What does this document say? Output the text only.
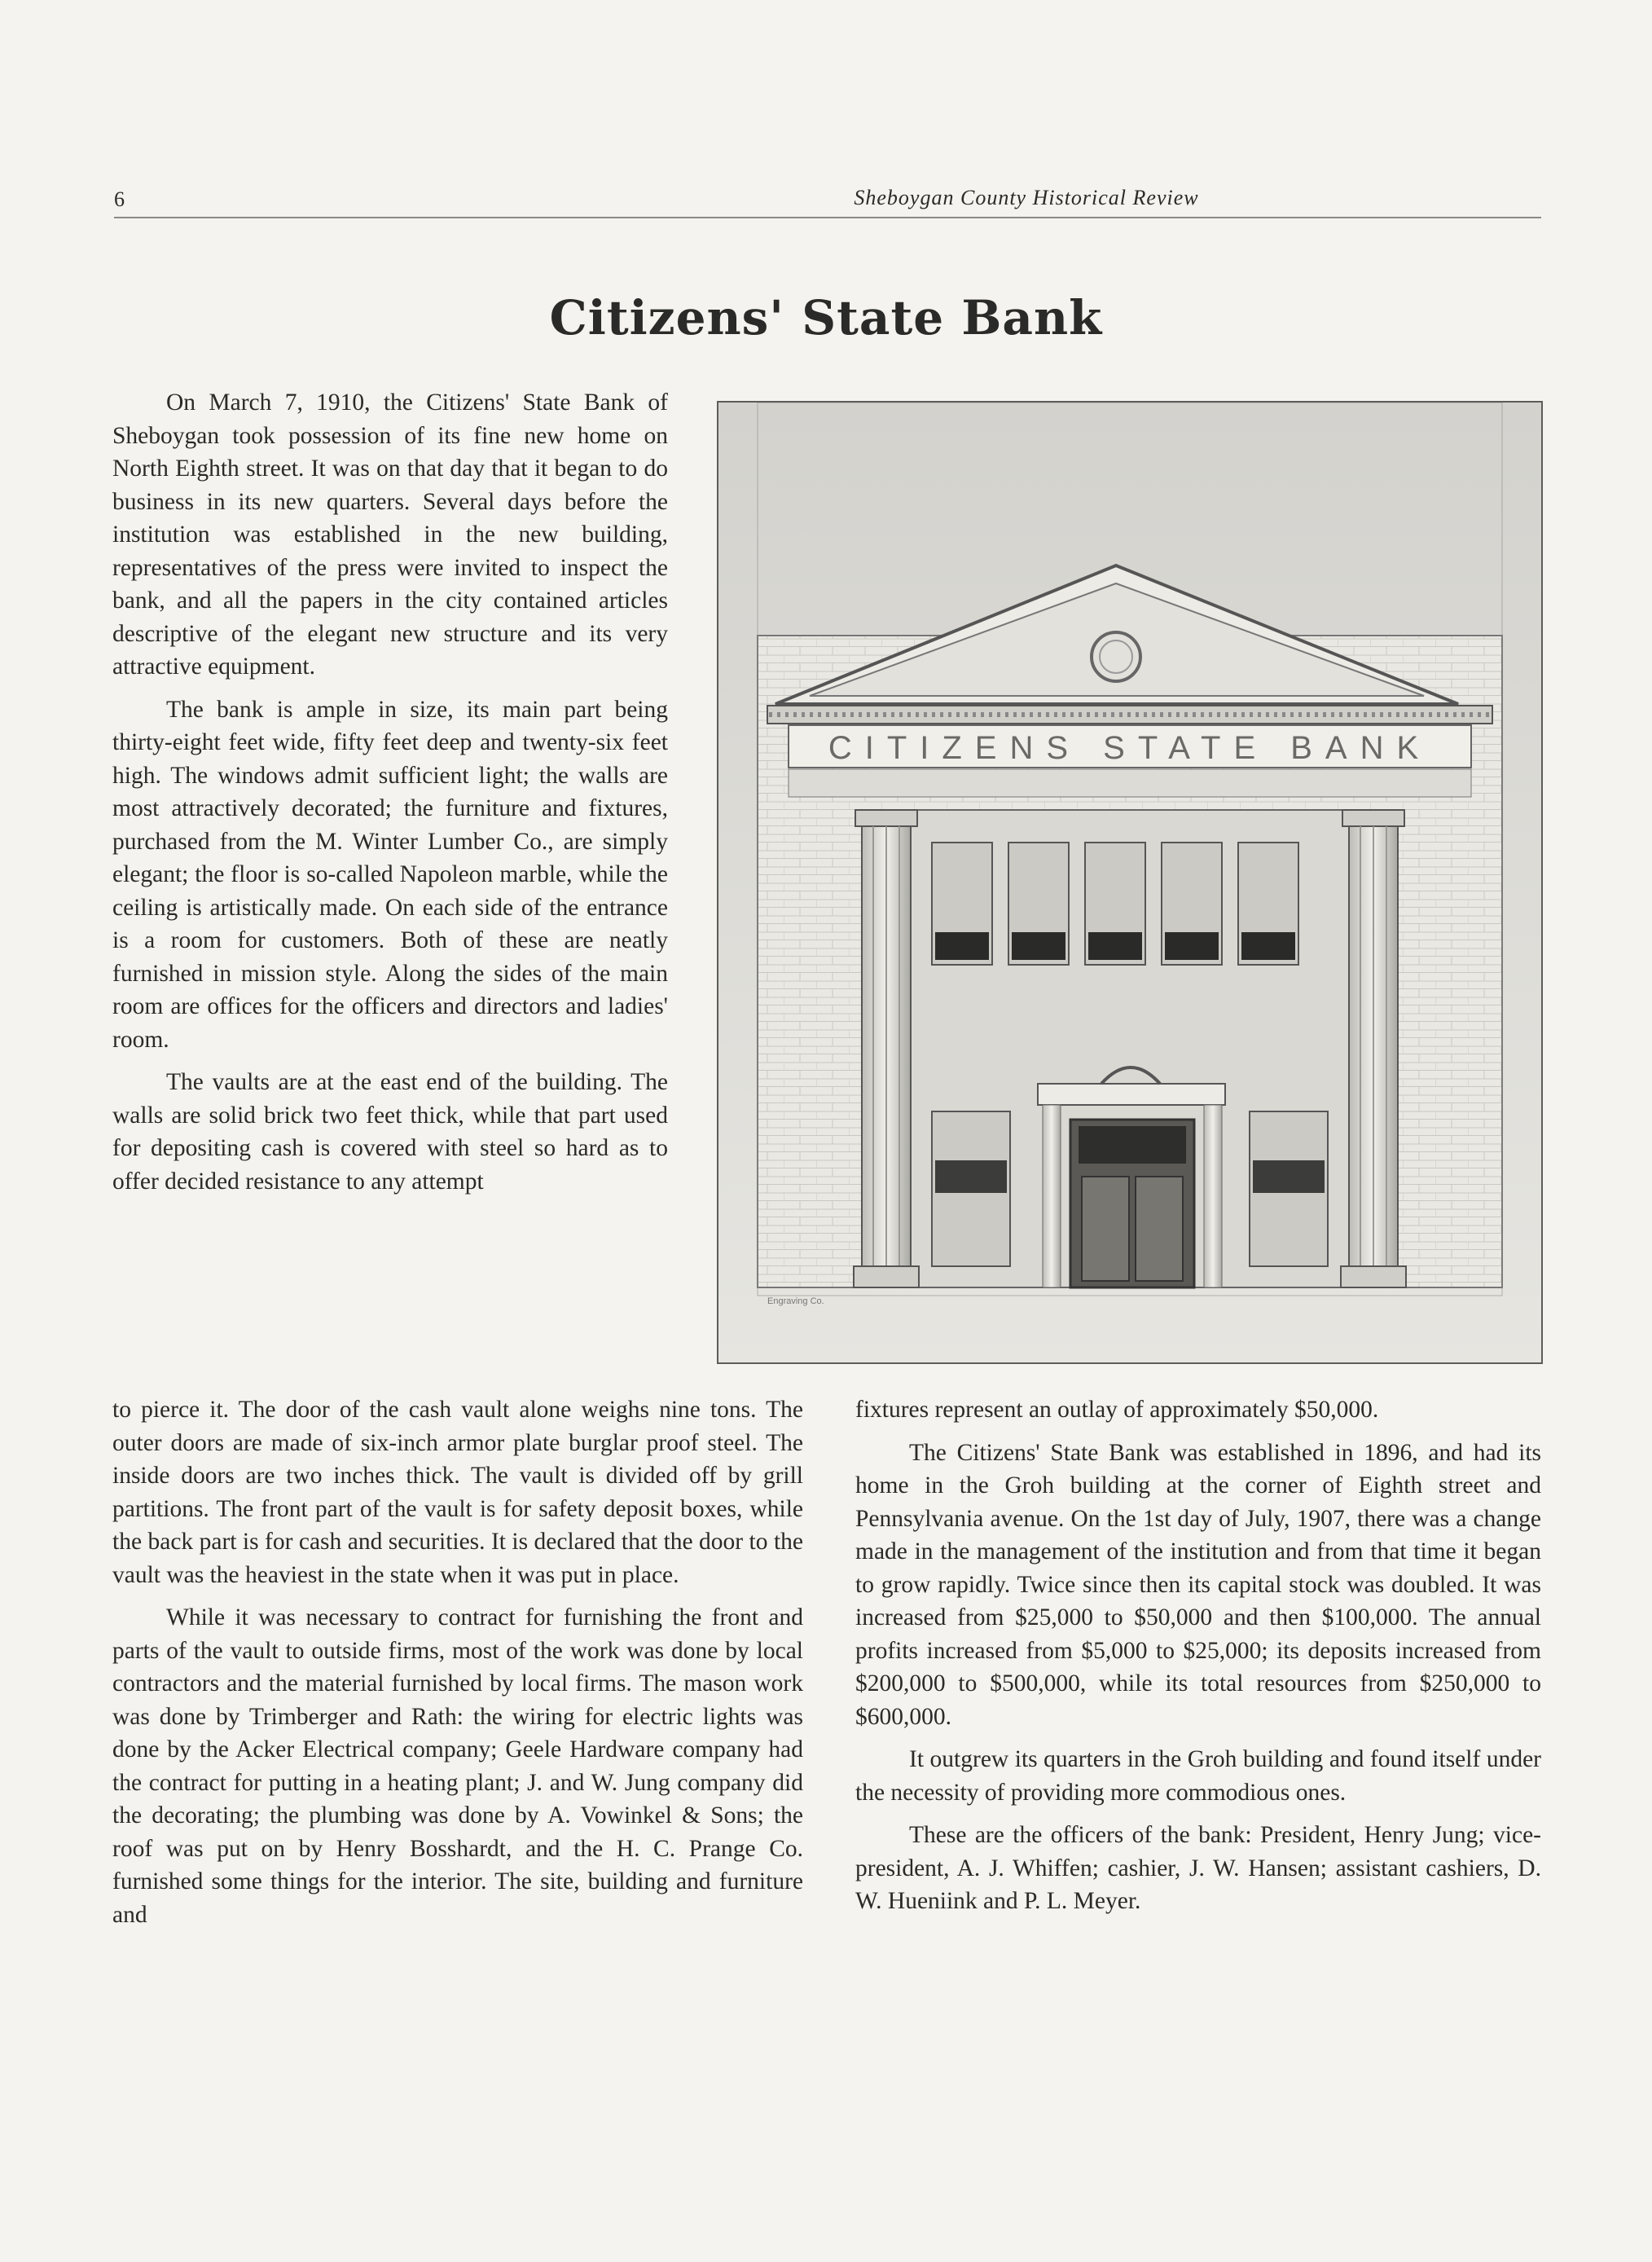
6	Sheboygan County Historical Review
Citizens' State Bank

On March 7, 1910, the Citizens' State Bank of Sheboygan took possession of its fine new home on North Eighth street. It was on that day that it began to do business in its new quarters. Several days before the institution was established in the new building, representatives of the press were invited to inspect the bank, and all the papers in the city contained articles descriptive of the elegant new structure and its very attractive equipment.

The bank is ample in size, its main part being thirty-eight feet wide, fifty feet deep and twenty-six feet high. The windows admit sufficient light; the walls are most attractively decorated; the furniture and fixtures, purchased from the M. Winter Lumber Co., are simply elegant; the floor is so-called Napoleon marble, while the ceiling is artistically made. On each side of the entrance is a room for customers. Both of these are neatly furnished in mission style. Along the sides of the main room are offices for the officers and directors and ladies' room.

The vaults are at the east end of the building. The walls are solid brick two feet thick, while that part used for depositing cash is covered with steel so hard as to offer decided resistance to any attempt

CITIZENS STATE BANK
Engraving Co.

to pierce it. The door of the cash vault alone weighs nine tons. The outer doors are made of six-inch armor plate burglar proof steel. The inside doors are two inches thick. The vault is divided off by grill partitions. The front part of the vault is for safety deposit boxes, while the back part is for cash and securities. It is declared that the door to the vault was the heaviest in the state when it was put in place.

While it was necessary to contract for furnishing the front and parts of the vault to outside firms, most of the work was done by local contractors and the material furnished by local firms. The mason work was done by Trimberger and Rath: the wiring for electric lights was done by the Acker Electrical company; Geele Hardware company had the contract for putting in a heating plant; J. and W. Jung company did the decorating; the plumbing was done by A. Vowinkel & Sons; the roof was put on by Henry Bosshardt, and the H. C. Prange Co. furnished some things for the interior. The site, building and furniture and

fixtures represent an outlay of approximately $50,000.

The Citizens' State Bank was established in 1896, and had its home in the Groh building at the corner of Eighth street and Pennsylvania avenue. On the 1st day of July, 1907, there was a change made in the management of the institution and from that time it began to grow rapidly. Twice since then its capital stock was doubled. It was increased from $25,000 to $50,000 and then $100,000. The annual profits increased from $5,000 to $25,000; its deposits increased from $200,000 to $500,000, while its total resources from $250,000 to $600,000.

It outgrew its quarters in the Groh building and found itself under the necessity of providing more commodious ones.

These are the officers of the bank: President, Henry Jung; vice-president, A. J. Whiffen; cashier, J. W. Hansen; assistant cashiers, D. W. Hueniink and P. L. Meyer.
